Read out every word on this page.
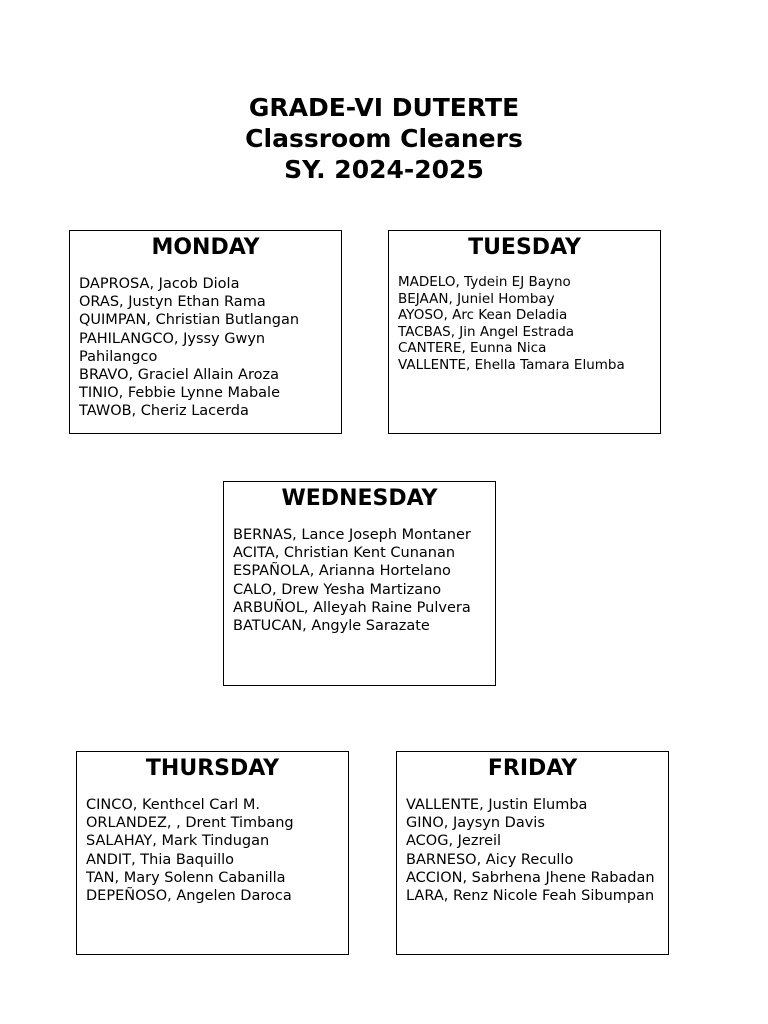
GRADE-VI DUTERTE
Classroom Cleaners
SY. 2024-2025
MONDAY
DAPROSA, Jacob Diola
ORAS, Justyn Ethan Rama
QUIMPAN, Christian Butlangan
PAHILANGCO, Jyssy Gwyn Pahilangco
BRAVO, Graciel Allain Aroza
TINIO, Febbie Lynne Mabale
TAWOB, Cheriz Lacerda
TUESDAY
MADELO, Tydein EJ Bayno
BEJAAN, Juniel Hombay
AYOSO, Arc Kean Deladia
TACBAS, Jin Angel Estrada
CANTERE, Eunna Nica
VALLENTE, Ehella Tamara Elumba
WEDNESDAY
BERNAS, Lance Joseph Montaner
ACITA, Christian Kent Cunanan
ESPAÑOLA, Arianna Hortelano
CALO, Drew Yesha Martizano
ARBUÑOL, Alleyah Raine Pulvera
BATUCAN, Angyle Sarazate
THURSDAY
CINCO, Kenthcel Carl M.
ORLANDEZ, , Drent Timbang
SALAHAY, Mark Tindugan
ANDIT, Thia Baquillo
TAN, Mary Solenn Cabanilla
DEPEÑOSO, Angelen Daroca
FRIDAY
VALLENTE, Justin Elumba
GINO, Jaysyn Davis
ACOG, Jezreil
BARNESO, Aicy Recullo
ACCION, Sabrhena Jhene Rabadan
LARA, Renz Nicole Feah Sibumpan
